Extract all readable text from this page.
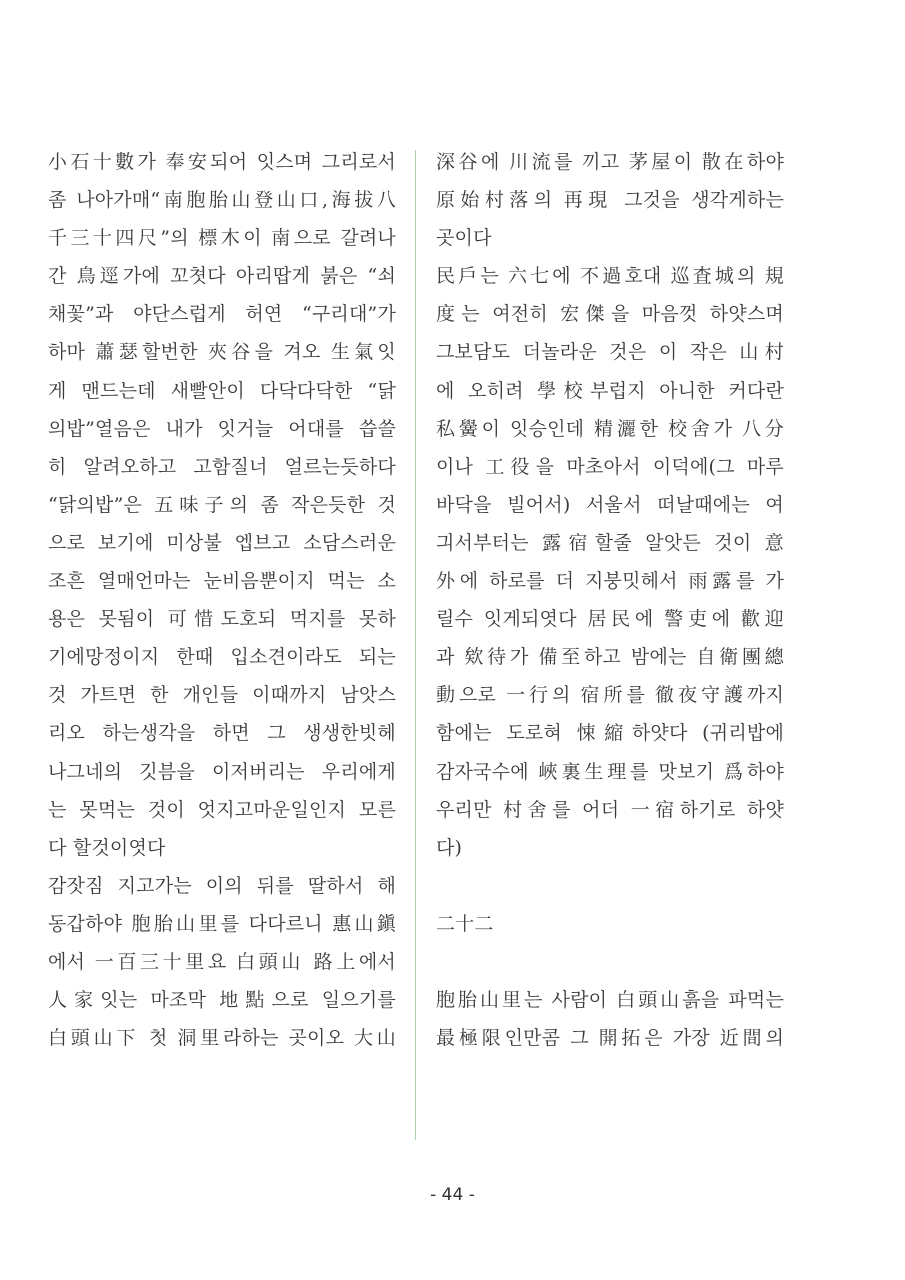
小石十數가 奉安되어 잇스며 그리로서
좀 나아가매“南胞胎山登山口,海拔八
千三十四尺”의 標木이 南으로 갈려나
간 鳥逕가에 꼬쳣다 아리땁게 붉은 “쇠
채꽃”과 야단스럽게 허연 “구리대”가
하마 蕭瑟할번한 夾谷을 겨오 生氣잇
게 맨드는데 새빨안이 다닥다닥한 “닭
의밥”열음은 내가 잇거늘 어대를 씁쓸
히 알려오하고 고함질너 얼르는듯하다
“닭의밥”은 五味子의 좀 작은듯한 것
으로 보기에 미상불 엡브고 소담스러운
조흔 열매언마는 눈비음뿐이지 먹는 소
용은 못됨이 可惜도호되 먹지를 못하
기에망정이지 한때 입소견이라도 되는
것 가트면 한 개인들 이때까지 남앗스
리오 하는생각을 하면 그 생생한빗헤
나그네의 깃븜을 이저버리는 우리에게
는 못먹는 것이 엇지고마운일인지 모른
다 할것이엿다
감잣짐 지고가는 이의 뒤를 딸하서 해
동갑하야 胞胎山里를 다다르니 惠山鎭
에서 一百三十里요 白頭山 路上에서
人家잇는 마조막 地點으로 일으기를
白頭山下 첫 洞里라하는 곳이오 大山
深谷에 川流를 끼고 茅屋이 散在하야
原始村落의 再現 그것을 생각게하는
곳이다
民戶는 六七에 不過호대 巡査城의 規
度는 여전히 宏傑을 마음껏 하얏스며
그보담도 더놀라운 것은 이 작은 山村
에 오히려 學校부럽지 아니한 커다란
私黌이 잇승인데 精灑한 校舍가 八分
이나 工役을 마초아서 이덕에(그 마루
바닥을 빌어서) 서울서 떠날때에는 여
긔서부터는 露宿할줄 알앗든 것이 意
外에 하로를 더 지붕밋헤서 雨露를 가
릴수 잇게되엿다 居民에 警吏에 歡迎
과 欸待가 備至하고 밤에는 自衛團總
動으로 一行의 宿所를 徹夜守護까지
함에는 도로혀 悚縮하얏다 (귀리밥에
감자국수에 峽裏生理를 맛보기 爲하야
우리만 村舍를 어더 一宿하기로 하얏
다)
二十二
胞胎山里는 사람이 白頭山흙을 파먹는
最極限인만콤 그 開拓은 가장 近間의
- 44 -
